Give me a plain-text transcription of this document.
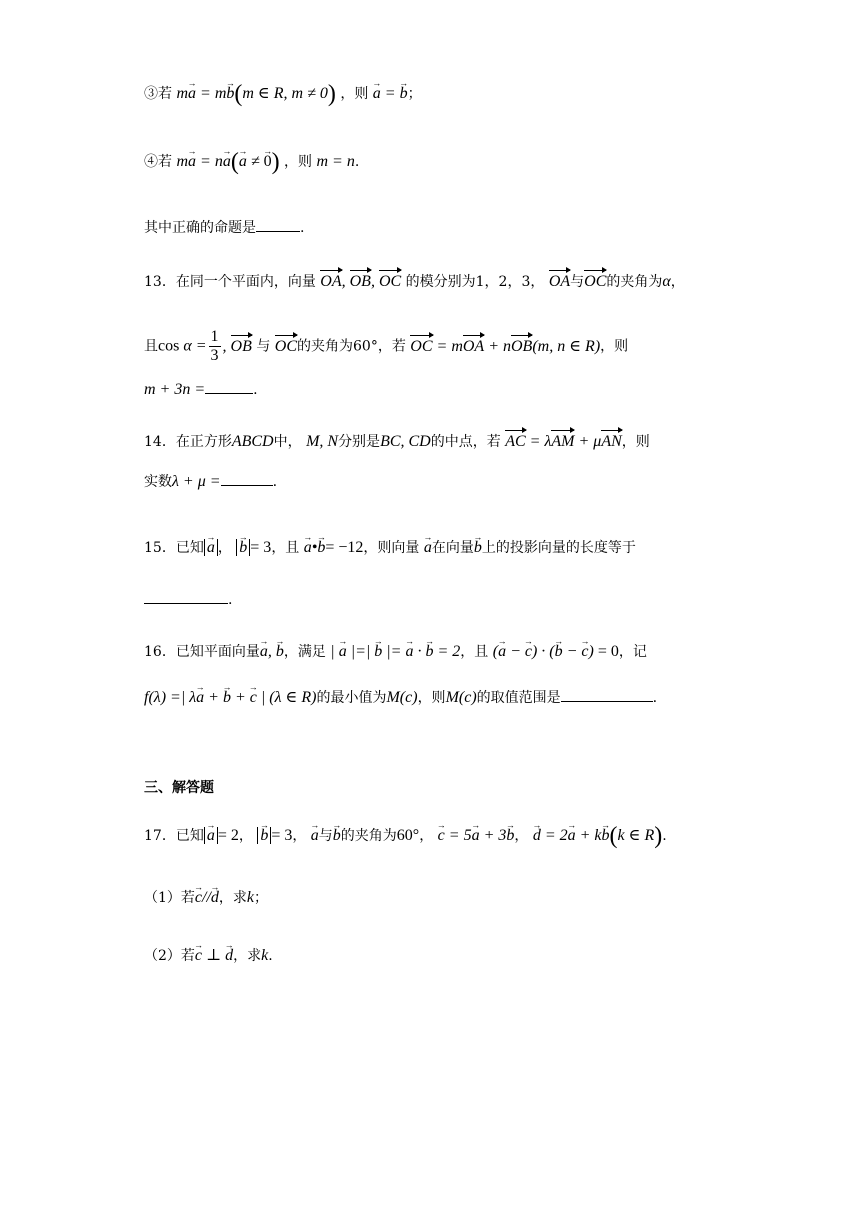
③若 m→ a = m→ b(m ∈ R, m ≠ 0) ，则 → a = → b；
④若 m→ a = n→ a(→ a ≠ → 0) ，则 m = n.
其中正确的命题是	.
13．在同一个平面内，向量 OA, OB, OC 的模分别为1，2，3， OA与OC的夹角为α，
且$\cos \alpha = \frac{1}{3}$ , OB 与 OC的夹角为60°，若 OC = mOA + nOB(m, n ∈ R)，则
m + 3n =	.
14．在正方形ABCD中， M, N分别是BC, CD的中点，若 AC = λAM + μAN，则
实数λ + μ =	.
15．已知 → a ， → b = 3，且 → a•→ b= −12，则向量 → a在向量→ b上的投影向量的长度等于
.
16．已知平面向量→ a, → b，满足 | → a |=| → b |= → a · → b = 2，且 (→ a − → c) · (→ b − → c) = 0，记
f(λ) =| λ→ a + → b + → c | (λ ∈ R)的最小值为M(c)，则M(c)的取值范围是	.
三、解答题
17．已知 → a = 2， → b = 3， → a与→ b的夹角为60°， → c = 5→ a + 3→ b， → d = 2→ a + k→ b(k ∈ R).
（1）若→ c//→ d，求k；
（2）若→ c ⊥ → d，求k.
